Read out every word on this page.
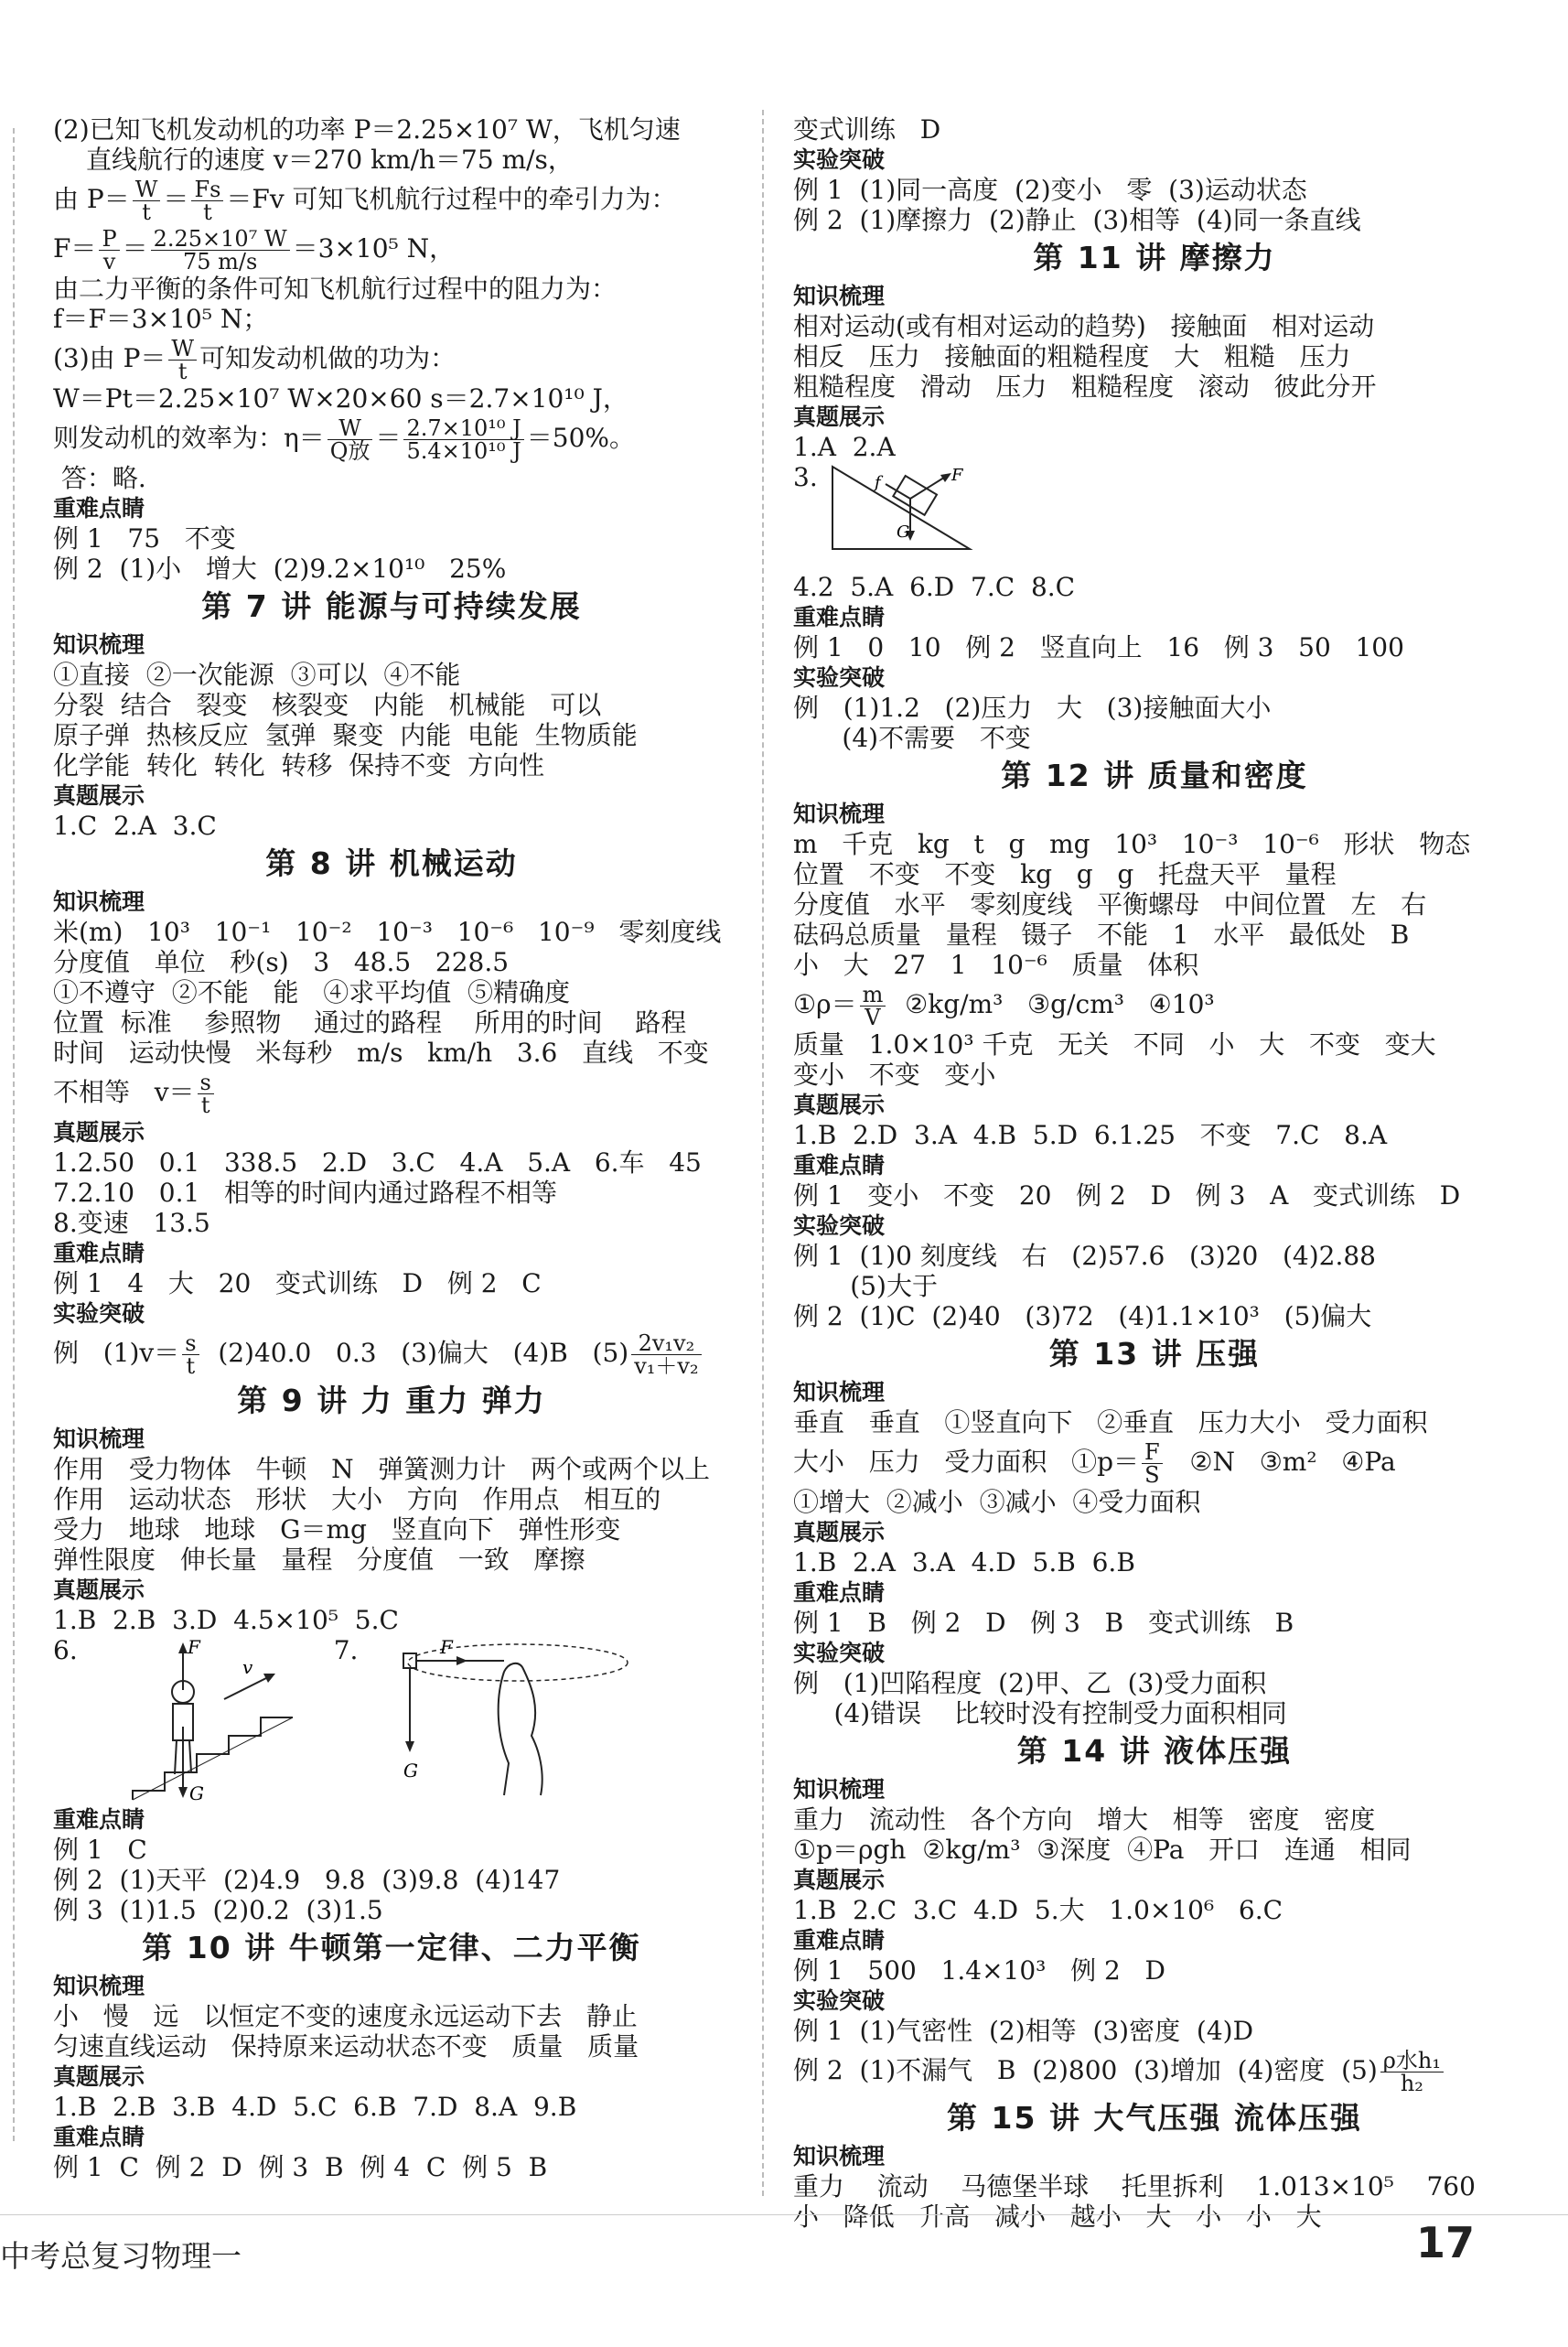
(2)已知飞机发动机的功率 P＝2.25×10⁷ W，飞机匀速
直线航行的速度 v＝270 km/h＝75 m/s，
由 $P= \frac{W}{t} = \frac{Fs}{t} =Fv$ 可知飞机航行过程中的牵引力为：
$F= \frac{P}{v} = \frac{\text{2.25×10⁷ W}}{75 m/s} =3\times 10^5$ N，
由二力平衡的条件可知飞机航行过程中的阻力为：
f＝F＝3×10⁵ N；
(3)由 $P= \frac{W}{t}$ 可知发动机做的功为：
W＝Pt＝2.25×10⁷ W×20×60 s＝2.7×10¹⁰ J，
则发动机的效率为：η＝ W
Q放 ＝ $\frac{\text{2.7×10¹⁰ J}}{\text{5.4×10¹⁰ J}} =50\%$。
答：略.
重难点睛
例 1   75   不变
例 2  (1)小   增大  (2)9.2×10¹⁰   25%
第 7 讲 能源与可持续发展
知识梳理
①直接  ②一次能源  ③可以  ④不能
分裂  结合   裂变   核裂变   内能   机械能   可以
原子弹  热核反应  氢弹  聚变  内能  电能  生物质能
化学能  转化  转化  转移  保持不变  方向性
真题展示
1.C  2.A  3.C
第 8 讲 机械运动
知识梳理
米(m)   10³   10⁻¹   10⁻²   10⁻³   10⁻⁶   10⁻⁹   零刻度线
分度值   单位   秒(s)   3   48.5   228.5
①不遵守  ②不能   能   ④求平均值  ⑤精确度
位置  标准    参照物    通过的路程    所用的时间    路程
时间   运动快慢   米每秒   m/s   km/h   3.6   直线   不变
不相等   $v= \frac{s}{t}$
真题展示
1.2.50   0.1   338.5   2.D   3.C   4.A   5.A   6.车   45
7.2.10   0.1   相等的时间内通过路程不相等
8.变速   13.5
重难点睛
例 1   4   大   20   变式训练   D   例 2   C
实验突破
例   $(1)v= \frac{s}{t} (2)40.0$   0.3   (3)偏大   (4)B   $(5) \frac{\text{2v₁v₂}}{\text{v₁＋v₂}}$
第 9 讲 力 重力 弹力
知识梳理
作用   受力物体   牛顿   N   弹簧测力计   两个或两个以上
作用   运动状态   形状   大小   方向   作用点   相互的
受力   地球   地球   G＝mg   竖直向下   弹性形变
弹性限度   伸长量   量程   分度值   一致   摩擦
真题展示
1.B  2.B  3.D  4.5×10⁵  5.C
6.	F
G
v
7.	F
G
重难点睛
例 1   C
例 2  (1)天平  (2)4.9   9.8  (3)9.8  (4)147
例 3  (1)1.5  (2)0.2  (3)1.5
第 10 讲 牛顿第一定律、二力平衡
知识梳理
小   慢   远   以恒定不变的速度永远运动下去   静止
匀速直线运动   保持原来运动状态不变   质量   质量
真题展示
1.B  2.B  3.B  4.D  5.C  6.B  7.D  8.A  9.B
重难点睛
例 1  C  例 2  D  例 3  B  例 4  C  例 5  B
变式训练   D
实验突破
例 1  (1)同一高度  (2)变小   零  (3)运动状态
例 2  (1)摩擦力  (2)静止  (3)相等  (4)同一条直线
第 11 讲 摩擦力
知识梳理
相对运动(或有相对运动的趋势)   接触面   相对运动
相反   压力   接触面的粗糙程度   大   粗糙   压力
粗糙程度   滑动   压力   粗糙程度   滚动   彼此分开
真题展示
1.A  2.A
3.	F
f
G
4.2  5.A  6.D  7.C  8.C
重难点睛
例 1   0   10   例 2   竖直向上   16   例 3   50   100
实验突破
例   (1)1.2   (2)压力   大   (3)接触面大小
(4)不需要   不变
第 12 讲 质量和密度
知识梳理
m   千克   kg   t   g   mg   10³   10⁻³   10⁻⁶   形状   物态
位置   不变   不变   kg   g   g   托盘天平   量程
分度值   水平   零刻度线   平衡螺母   中间位置   左   右
砝码总质量   量程   镊子   不能   1   水平   最低处   B
小   大   27   1   10⁻⁶   质量   体积
①ρ＝ $\frac{m}{V}$ ②kg/m³   ③g/cm³   ④10³
质量   1.0×10³ 千克   无关   不同   小   大   不变   变大
变小   不变   变小
真题展示
1.B  2.D  3.A  4.B  5.D  6.1.25   不变   7.C   8.A
重难点睛
例 1   变小   不变   20   例 2   D   例 3   A   变式训练   D
实验突破
例 1  (1)0 刻度线   右   (2)57.6   (3)20   (4)2.88
(5)大于
例 2  (1)C  (2)40   (3)72   (4)1.1×10³   (5)偏大
第 13 讲 压强
知识梳理
垂直   垂直   ①竖直向下   ②垂直   压力大小   受力面积
大小   压力   受力面积   ①p＝ $\frac{F}{S}$ ②N   ③m²   ④Pa
①增大  ②减小  ③减小  ④受力面积
真题展示
1.B  2.A  3.A  4.D  5.B  6.B
重难点睛
例 1   B   例 2   D   例 3   B   变式训练   B
实验突破
例   (1)凹陷程度  (2)甲、乙  (3)受力面积
(4)错误    比较时没有控制受力面积相同
第 14 讲 液体压强
知识梳理
重力   流动性   各个方向   增大   相等   密度   密度
①p＝ρgh  ②kg/m³  ③深度  ④Pa   开口   连通   相同
真题展示
1.B  2.C  3.C  4.D  5.大   1.0×10⁶   6.C
重难点睛
例 1   500   1.4×10³   例 2   D
实验突破
例 1  (1)气密性  (2)相等  (3)密度  (4)D
例 2  (1)不漏气   B  (2)800  (3)增加  (4)密度  (5) ρ水h₁
h₂
第 15 讲 大气压强 流体压强
知识梳理
重力    流动    马德堡半球    托里拆利    1.013×10⁵    760
小   降低   升高   减小   越小   大   小   小   大
中考总复习物理一	17
